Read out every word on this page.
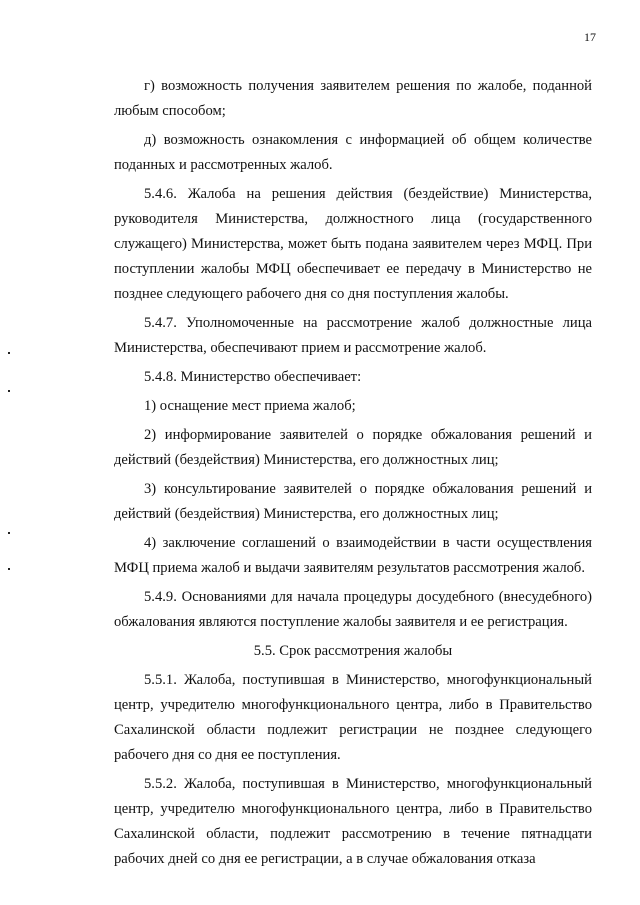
17

г) возможность получения заявителем решения по жалобе, поданной любым способом;

д) возможность ознакомления с информацией об общем количестве поданных и рассмотренных жалоб.

5.4.6. Жалоба на решения действия (бездействие) Министерства, руководителя Министерства, должностного лица (государственного служащего) Министерства, может быть подана заявителем через МФЦ. При поступлении жалобы МФЦ обеспечивает ее передачу в Министерство не позднее следующего рабочего дня со дня поступления жалобы.

5.4.7. Уполномоченные на рассмотрение жалоб должностные лица Министерства, обеспечивают прием и рассмотрение жалоб.

5.4.8. Министерство обеспечивает:

1) оснащение мест приема жалоб;

2) информирование заявителей о порядке обжалования решений и действий (бездействия) Министерства, его должностных лиц;

3) консультирование заявителей о порядке обжалования решений и действий (бездействия) Министерства, его должностных лиц;

4) заключение соглашений о взаимодействии в части осуществления МФЦ приема жалоб и выдачи заявителям результатов рассмотрения жалоб.

5.4.9. Основаниями для начала процедуры досудебного (внесудебного) обжалования являются поступление жалобы заявителя и ее регистрация.

5.5. Срок рассмотрения жалобы

5.5.1. Жалоба, поступившая в Министерство, многофункциональный центр, учредителю многофункционального центра, либо в Правительство Сахалинской области подлежит регистрации не позднее следующего рабочего дня со дня ее поступления.

5.5.2. Жалоба, поступившая в Министерство, многофункциональный центр, учредителю многофункционального центра, либо в Правительство Сахалинской области, подлежит рассмотрению в течение пятнадцати рабочих дней со дня ее регистрации, а в случае обжалования отказа
